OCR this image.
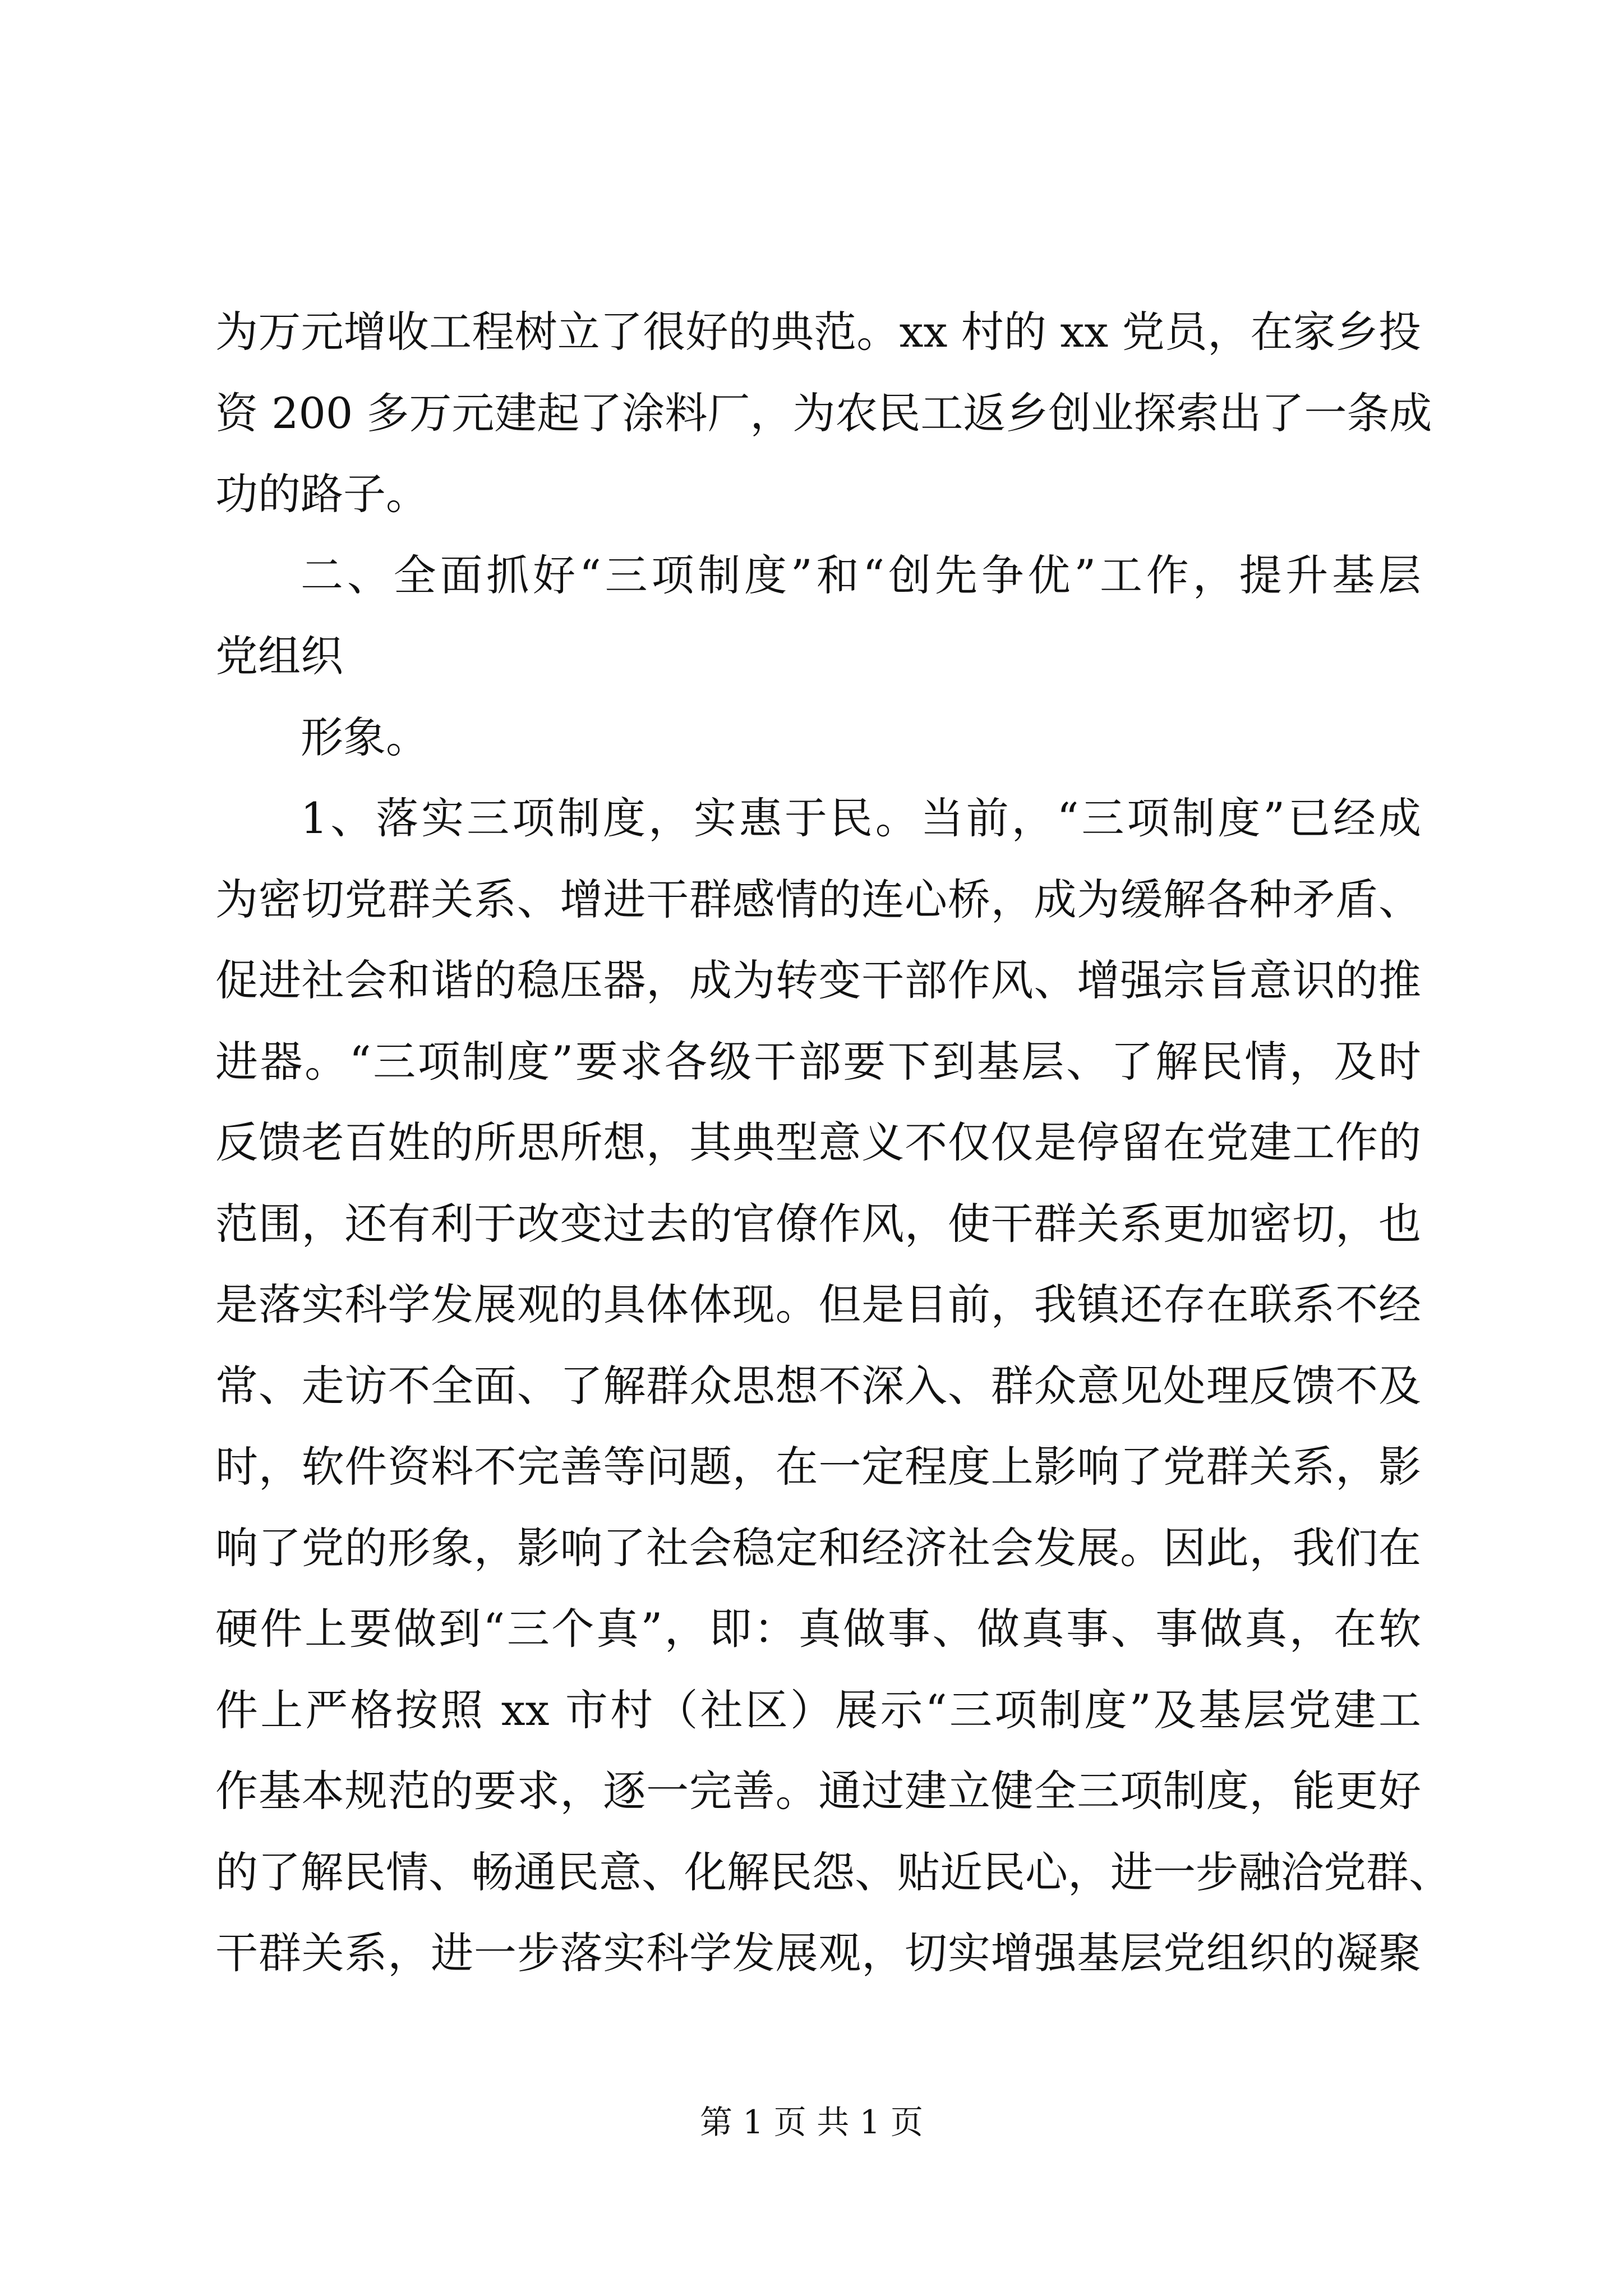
为万元增收工程树立了很好的典范。xx 村的 xx 党员，在家乡投
资 200 多万元建起了涂料厂，为农民工返乡创业探索出了一条成
功的路子。
二、全面抓好“三项制度”和“创先争优”工作，提升基层
党组织
形象。
1、落实三项制度，实惠于民。当前，“三项制度”已经成
为密切党群关系、增进干群感情的连心桥，成为缓解各种矛盾、
促进社会和谐的稳压器，成为转变干部作风、增强宗旨意识的推
进器。“三项制度”要求各级干部要下到基层、了解民情，及时
反馈老百姓的所思所想，其典型意义不仅仅是停留在党建工作的
范围，还有利于改变过去的官僚作风，使干群关系更加密切，也
是落实科学发展观的具体体现。但是目前，我镇还存在联系不经
常、走访不全面、了解群众思想不深入、群众意见处理反馈不及
时，软件资料不完善等问题，在一定程度上影响了党群关系，影
响了党的形象，影响了社会稳定和经济社会发展。因此，我们在
硬件上要做到“三个真”，即：真做事、做真事、事做真，在软
件上严格按照 xx 市村（社区）展示“三项制度”及基层党建工
作基本规范的要求，逐一完善。通过建立健全三项制度，能更好
的了解民情、畅通民意、化解民怨、贴近民心，进一步融洽党群、
干群关系，进一步落实科学发展观，切实增强基层党组织的凝聚
第 1 页 共 1 页
